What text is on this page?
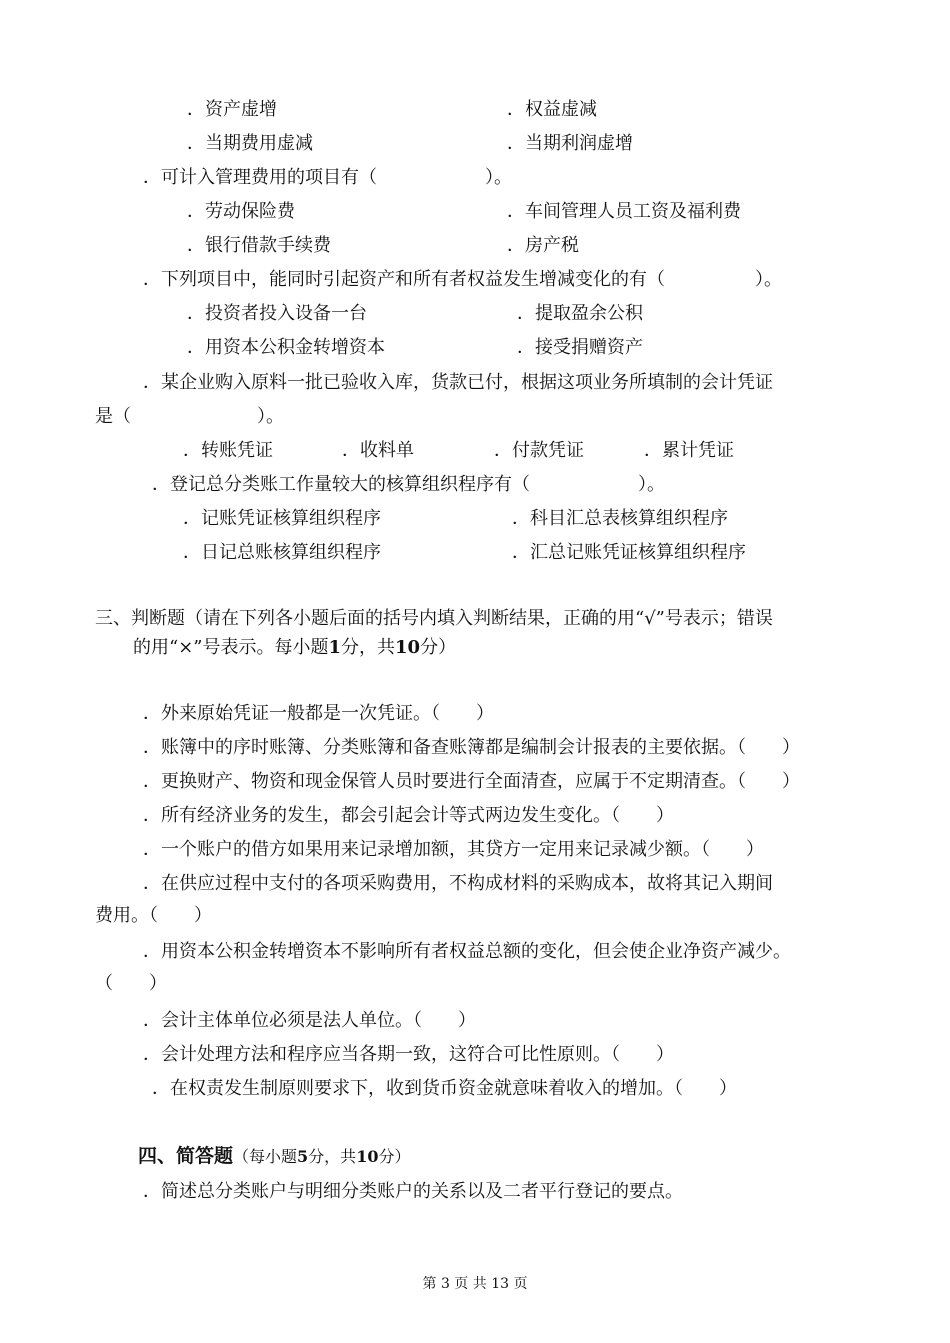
．资产虚增	．权益虚减
．当期费用虚减	．当期利润虚增
．可计入管理费用的项目有（　　　　　　）。
．劳动保险费	．车间管理人员工资及福利费
．银行借款手续费	．房产税
．下列项目中，能同时引起资产和所有者权益发生增减变化的有（　　　　　）。
．投资者投入设备一台	．提取盈余公积
．用资本公积金转增资本	．接受捐赠资产
．某企业购入原料一批已验收入库，货款已付，根据这项业务所填制的会计凭证
是（　　　　　　　）。
．转账凭证	．收料单	．付款凭证	．累计凭证
．登记总分类账工作量较大的核算组织程序有（　　　　　　）。
．记账凭证核算组织程序	．科目汇总表核算组织程序
．日记总账核算组织程序	．汇总记账凭证核算组织程序
三、判断题（请在下列各小题后面的括号内填入判断结果，正确的用“√”号表示；错误
的用“×”号表示。每小题1分，共10分）
．外来原始凭证一般都是一次凭证。（　　）
．账簿中的序时账簿、分类账簿和备查账簿都是编制会计报表的主要依据。（　　）
．更换财产、物资和现金保管人员时要进行全面清查，应属于不定期清查。（　　）
．所有经济业务的发生，都会引起会计等式两边发生变化。（　　）
．一个账户的借方如果用来记录增加额，其贷方一定用来记录减少额。（　　）
．在供应过程中支付的各项采购费用，不构成材料的采购成本，故将其记入期间
费用。（　　）
．用资本公积金转增资本不影响所有者权益总额的变化，但会使企业净资产减少。
（　　）
．会计主体单位必须是法人单位。（　　）
．会计处理方法和程序应当各期一致，这符合可比性原则。（　　）
．在权责发生制原则要求下，收到货币资金就意味着收入的增加。（　　）
四、简答题（每小题5分，共10分）
．简述总分类账户与明细分类账户的关系以及二者平行登记的要点。
第 3 页 共 13 页
